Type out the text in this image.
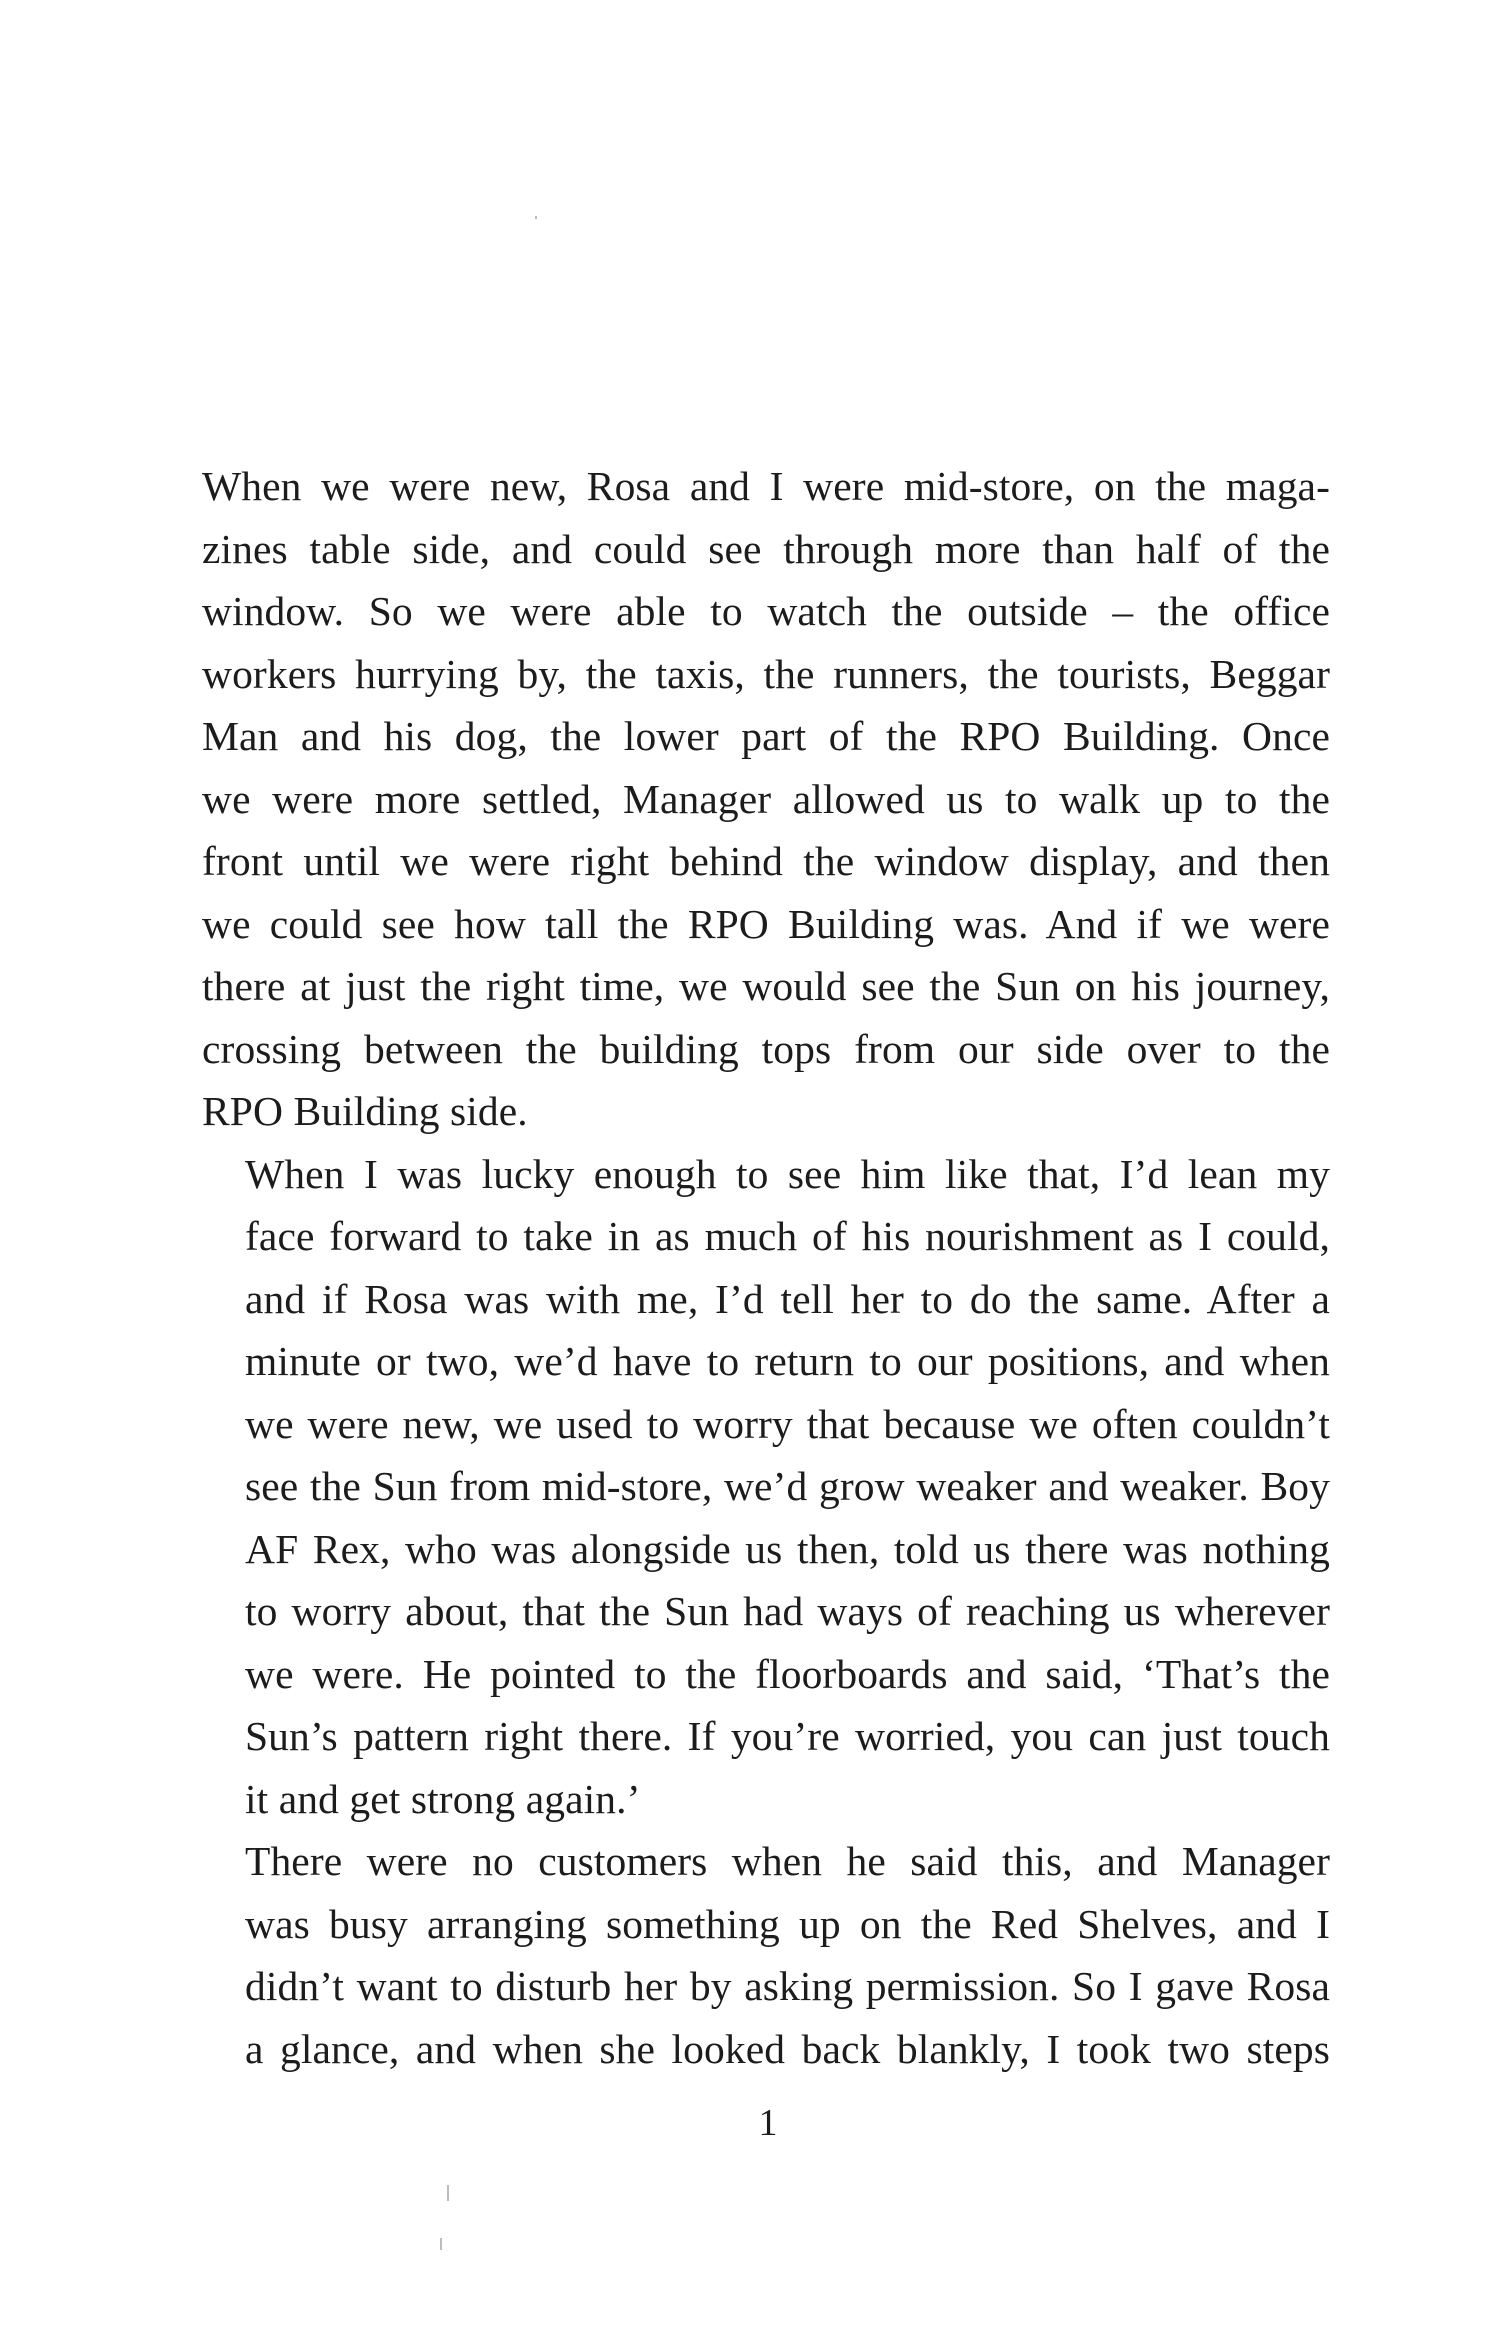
When we were new, Rosa and I were mid-store, on the maga-
zines table side, and could see through more than half of the
window. So we were able to watch the outside – the office
workers hurrying by, the taxis, the runners, the tourists, Beggar
Man and his dog, the lower part of the RPO Building. Once
we were more settled, Manager allowed us to walk up to the
front until we were right behind the window display, and then
we could see how tall the RPO Building was. And if we were
there at just the right time, we would see the Sun on his journey,
crossing between the building tops from our side over to the
RPO Building side.

When I was lucky enough to see him like that, I’d lean my
face forward to take in as much of his nourishment as I could,
and if Rosa was with me, I’d tell her to do the same. After a
minute or two, we’d have to return to our positions, and when
we were new, we used to worry that because we often couldn’t
see the Sun from mid-store, we’d grow weaker and weaker. Boy
AF Rex, who was alongside us then, told us there was nothing
to worry about, that the Sun had ways of reaching us wherever
we were. He pointed to the floorboards and said, ‘That’s the
Sun’s pattern right there. If you’re worried, you can just touch
it and get strong again.’

There were no customers when he said this, and Manager
was busy arranging something up on the Red Shelves, and I
didn’t want to disturb her by asking permission. So I gave Rosa
a glance, and when she looked back blankly, I took two steps

1
